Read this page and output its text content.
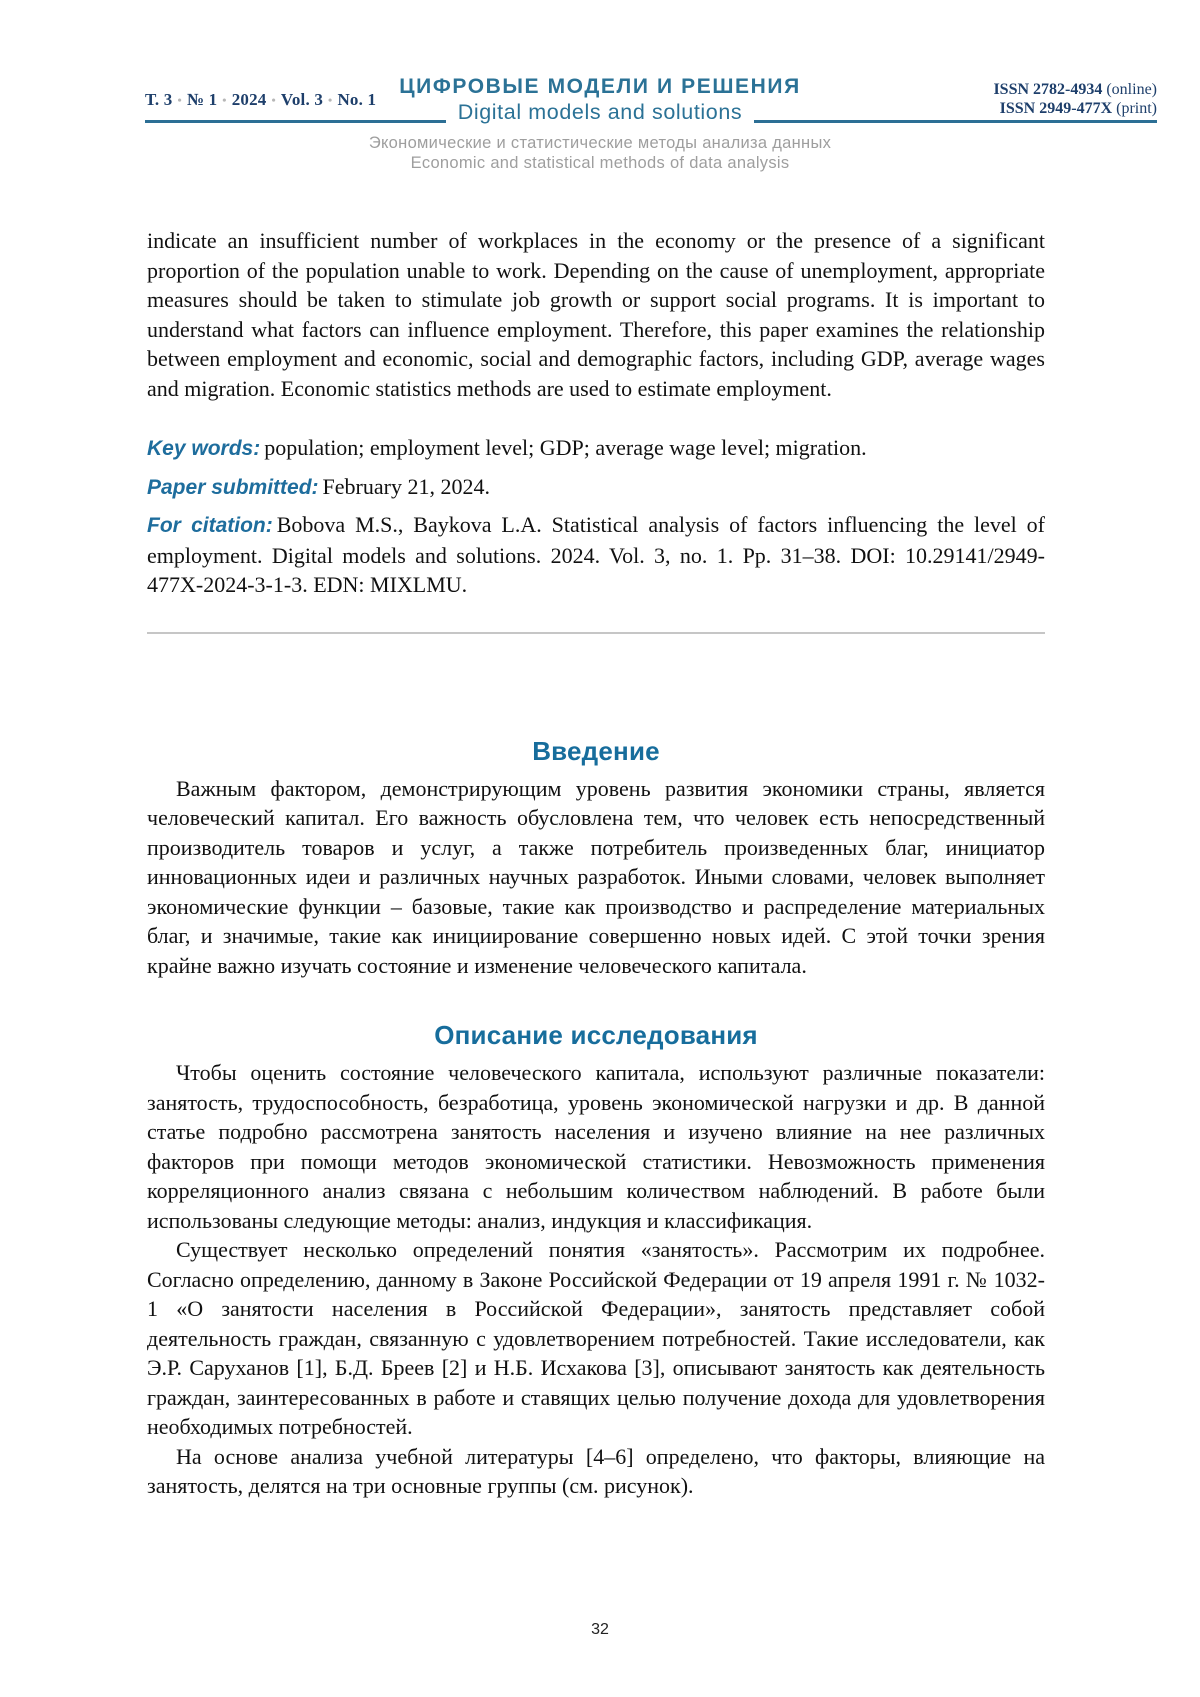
Т. 3 • № 1 • 2024 • Vol. 3 • No. 1
ЦИФРОВЫЕ МОДЕЛИ И РЕШЕНИЯ
Digital models and solutions
ISSN 2782-4934 (online)
ISSN 2949-477X (print)
Экономические и статистические методы анализа данных
Economic and statistical methods of data analysis

indicate an insufficient number of workplaces in the economy or the presence of a significant proportion of the population unable to work. Depending on the cause of unemployment, appropriate measures should be taken to stimulate job growth or support social programs. It is important to understand what factors can influence employment. Therefore, this paper examines the relationship between employment and economic, social and demographic factors, including GDP, average wages and migration. Economic statistics methods are used to estimate employment.

Key words: population; employment level; GDP; average wage level; migration.

Paper submitted: February 21, 2024.

For citation: Bobova M.S., Baykova L.A. Statistical analysis of factors influencing the level of employment. Digital models and solutions. 2024. Vol. 3, no. 1. Pp. 31–38. DOI: 10.29141/2949-477X-2024-3-1-3. EDN: MIXLMU.

Введение

Важным фактором, демонстрирующим уровень развития экономики страны, является человеческий капитал. Его важность обусловлена тем, что человек есть непосредственный производитель товаров и услуг, а также потребитель произведенных благ, инициатор инновационных идеи и различных научных разработок. Иными словами, человек выполняет экономические функции – базовые, такие как производство и распределение материальных благ, и значимые, такие как инициирование совершенно новых идей. С этой точки зрения крайне важно изучать состояние и изменение человеческого капитала.

Описание исследования

Чтобы оценить состояние человеческого капитала, используют различные показатели: занятость, трудоспособность, безработица, уровень экономической нагрузки и др. В данной статье подробно рассмотрена занятость населения и изучено влияние на нее различных факторов при помощи методов экономической статистики. Невозможность применения корреляционного анализ связана с небольшим количеством наблюдений. В работе были использованы следующие методы: анализ, индукция и классификация.

Существует несколько определений понятия «занятость». Рассмотрим их подробнее. Согласно определению, данному в Законе Российской Федерации от 19 апреля 1991 г. № 1032-1 «О занятости населения в Российской Федерации», занятость представляет собой деятельность граждан, связанную с удовлетворением потребностей. Такие исследователи, как Э.Р. Саруханов [1], Б.Д. Бреев [2] и Н.Б. Исхакова [3], описывают занятость как деятельность граждан, заинтересованных в работе и ставящих целью получение дохода для удовлетворения необходимых потребностей.

На основе анализа учебной литературы [4–6] определено, что факторы, влияющие на занятость, делятся на три основные группы (см. рисунок).

32
